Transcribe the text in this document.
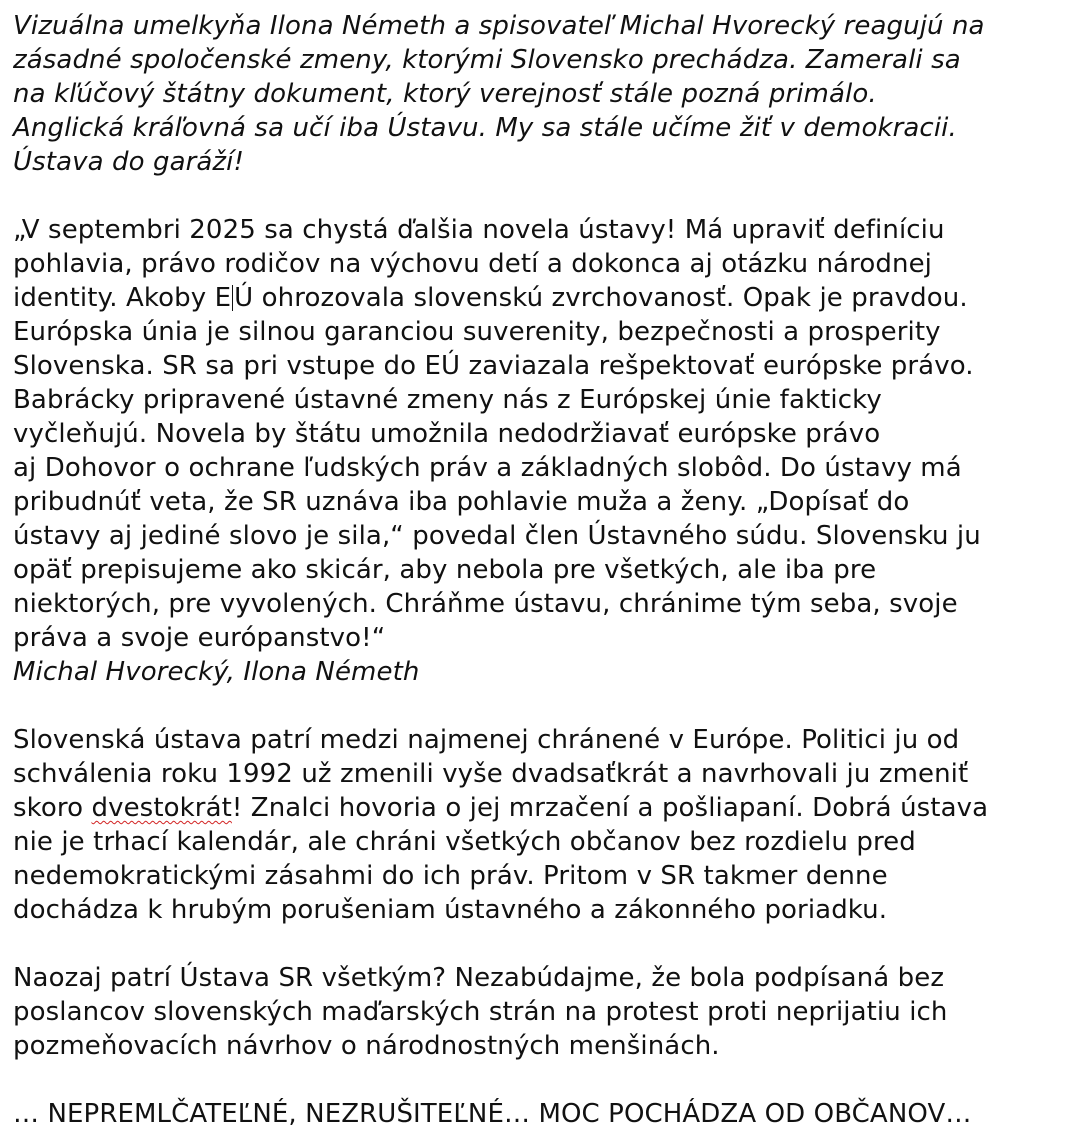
Vizuálna umelkyňa Ilona Németh a spisovateľ Michal Hvorecký reagujú na
zásadné spoločenské zmeny, ktorými Slovensko prechádza. Zamerali sa
na kľúčový štátny dokument, ktorý verejnosť stále pozná primálo.
Anglická kráľovná sa učí iba Ústavu. My sa stále učíme žiť v demokracii.
Ústava do garáží!
„V septembri 2025 sa chystá ďalšia novela ústavy! Má upraviť definíciu
pohlavia, právo rodičov na výchovu detí a dokonca aj otázku národnej
identity. Akoby E Ú ohrozovala slovenskú zvrchovanosť. Opak je pravdou.
Európska únia je silnou garanciou suverenity, bezpečnosti a prosperity
Slovenska. SR sa pri vstupe do EÚ zaviazala rešpektovať európske právo.
Babrácky pripravené ústavné zmeny nás z Európskej únie fakticky
vyčleňujú. Novela by štátu umožnila nedodržiavať európske právo
aj Dohovor o ochrane ľudských práv a základných slobôd. Do ústavy má
pribudnúť veta, že SR uznáva iba pohlavie muža a ženy. „Dopísať do
ústavy aj jediné slovo je sila,“ povedal člen Ústavného súdu. Slovensku ju
opäť prepisujeme ako skicár, aby nebola pre všetkých, ale iba pre
niektorých, pre vyvolených. Chráňme ústavu, chránime tým seba, svoje
práva a svoje európanstvo!“
Michal Hvorecký, Ilona Németh
Slovenská ústava patrí medzi najmenej chránené v Európe. Politici ju od
schválenia roku 1992 už zmenili vyše dvadsaťkrát a navrhovali ju zmeniť
skoro dvestokrát! Znalci hovoria o jej mrzačení a pošliapaní. Dobrá ústava
nie je trhací kalendár, ale chráni všetkých občanov bez rozdielu pred
nedemokratickými zásahmi do ich práv. Pritom v SR takmer denne
dochádza k hrubým porušeniam ústavného a zákonného poriadku.
Naozaj patrí Ústava SR všetkým? Nezabúdajme, že bola podpísaná bez
poslancov slovenských maďarských strán na protest proti neprijatiu ich
pozmeňovacích návrhov o národnostných menšinách.
… NEPREMLČATEĽNÉ, NEZRUŠITEĽNÉ… MOC POCHÁDZA OD OBČANOV…
